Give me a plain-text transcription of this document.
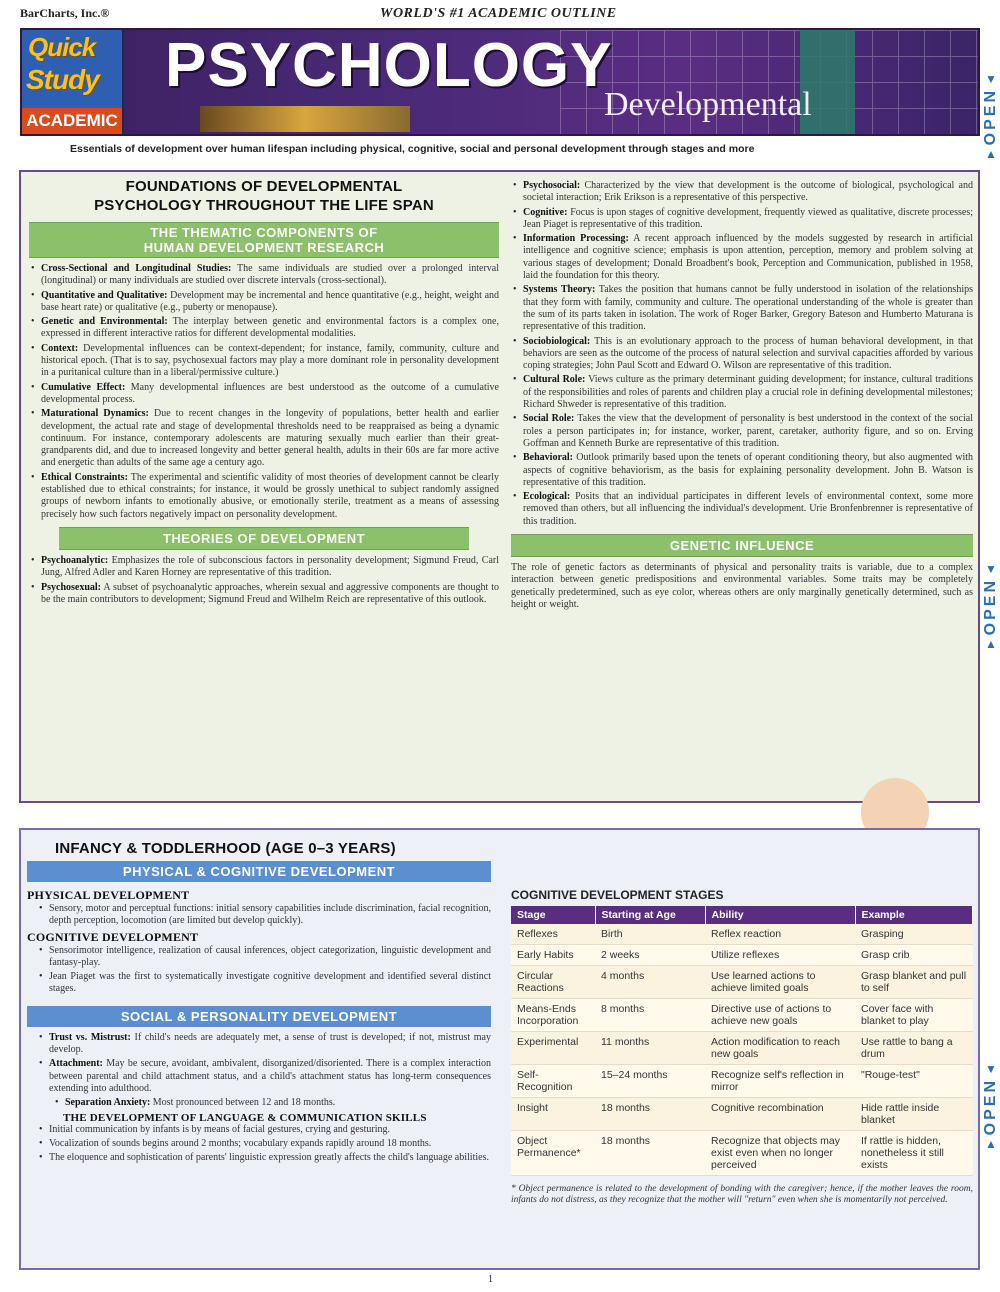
BarCharts, Inc.®	WORLD'S #1 ACADEMIC OUTLINE
Quick
Study
ACADEMIC
PSYCHOLOGY
Developmental
Essentials of development over human lifespan including physical, cognitive, social and personal development through stages and more
▼
OPEN
▲
▼
OPEN
▲
▼
OPEN
▲
FOUNDATIONS OF DEVELOPMENTAL
PSYCHOLOGY THROUGHOUT THE LIFE SPAN
THE THEMATIC COMPONENTS OF
HUMAN DEVELOPMENT RESEARCH
• Cross-Sectional and Longitudinal Studies: The same individuals are studied over a prolonged interval (longitudinal) or many individuals are studied over discrete intervals (cross-sectional).
• Quantitative and Qualitative: Development may be incremental and hence quantitative (e.g., height, weight and base heart rate) or qualitative (e.g., puberty or menopause).
• Genetic and Environmental: The interplay between genetic and environmental factors is a complex one, expressed in different interactive ratios for different developmental modalities.
• Context: Developmental influences can be context-dependent; for instance, family, community, culture and historical epoch. (That is to say, psychosexual factors may play a more dominant role in personality development in a puritanical culture than in a liberal/permissive culture.)
• Cumulative Effect: Many developmental influences are best understood as the outcome of a cumulative developmental process.
• Maturational Dynamics: Due to recent changes in the longevity of populations, better health and earlier development, the actual rate and stage of developmental thresholds need to be reappraised as being a dynamic continuum. For instance, contemporary adolescents are maturing sexually much earlier than their great-grandparents did, and due to increased longevity and better general health, adults in their 60s are far more active and energetic than adults of the same age a century ago.
• Ethical Constraints: The experimental and scientific validity of most theories of development cannot be clearly established due to ethical constraints; for instance, it would be grossly unethical to subject randomly assigned groups of newborn infants to emotionally abusive, or emotionally sterile, treatment as a means of assessing precisely how such factors negatively impact on personality development.
THEORIES OF DEVELOPMENT
• Psychoanalytic: Emphasizes the role of subconscious factors in personality development; Sigmund Freud, Carl Jung, Alfred Adler and Karen Horney are representative of this tradition.
• Psychosexual: A subset of psychoanalytic approaches, wherein sexual and aggressive components are thought to be the main contributors to development; Sigmund Freud and Wilhelm Reich are representative of this outlook.
• Psychosocial: Characterized by the view that development is the outcome of biological, psychological and societal interaction; Erik Erikson is a representative of this perspective.
• Cognitive: Focus is upon stages of cognitive development, frequently viewed as qualitative, discrete processes; Jean Piaget is representative of this tradition.
• Information Processing: A recent approach influenced by the models suggested by research in artificial intelligence and cognitive science; emphasis is upon attention, perception, memory and problem solving at various stages of development; Donald Broadbent's book, Perception and Communication, published in 1958, laid the foundation for this theory.
• Systems Theory: Takes the position that humans cannot be fully understood in isolation of the relationships that they form with family, community and culture. The operational understanding of the whole is greater than the sum of its parts taken in isolation. The work of Roger Barker, Gregory Bateson and Humberto Maturana is representative of this tradition.
• Sociobiological: This is an evolutionary approach to the process of human behavioral development, in that behaviors are seen as the outcome of the process of natural selection and survival capacities afforded by various coping strategies; John Paul Scott and Edward O. Wilson are representative of this tradition.
• Cultural Role: Views culture as the primary determinant guiding development; for instance, cultural traditions of the responsibilities and roles of parents and children play a crucial role in defining developmental milestones; Richard Shweder is representative of this tradition.
• Social Role: Takes the view that the development of personality is best understood in the context of the social roles a person participates in; for instance, worker, parent, caretaker, authority figure, and so on. Erving Goffman and Kenneth Burke are representative of this tradition.
• Behavioral: Outlook primarily based upon the tenets of operant conditioning theory, but also augmented with aspects of cognitive behaviorism, as the basis for explaining personality development. John B. Watson is representative of this tradition.
• Ecological: Posits that an individual participates in different levels of environmental context, some more removed than others, but all influencing the individual's development. Urie Bronfenbrenner is representative of this tradition.
GENETIC INFLUENCE

The role of genetic factors as determinants of physical and personality traits is variable, due to a complex interaction between genetic predispositions and environmental variables. Some traits may be completely genetically predetermined, such as eye color, whereas others are only marginally genetically determined, such as height or weight.

INFANCY & TODDLERHOOD (AGE 0–3 YEARS)
PHYSICAL & COGNITIVE DEVELOPMENT
PHYSICAL DEVELOPMENT
• Sensory, motor and perceptual functions: initial sensory capabilities include discrimination, facial recognition, depth perception, locomotion (are limited but develop quickly).
COGNITIVE DEVELOPMENT
• Sensorimotor intelligence, realization of causal inferences, object categorization, linguistic development and fantasy-play.
• Jean Piaget was the first to systematically investigate cognitive development and identified several distinct stages.
SOCIAL & PERSONALITY DEVELOPMENT
• Trust vs. Mistrust: If child's needs are adequately met, a sense of trust is developed; if not, mistrust may develop.
• Attachment: May be secure, avoidant, ambivalent, disorganized/disoriented. There is a complex interaction between parental and child attachment status, and a child's attachment status has long-term consequences extending into adulthood.
• Separation Anxiety: Most pronounced between 12 and 18 months.
THE DEVELOPMENT OF LANGUAGE & COMMUNICATION SKILLS
• Initial communication by infants is by means of facial gestures, crying and gesturing.
• Vocalization of sounds begins around 2 months; vocabulary expands rapidly around 18 months.
• The eloquence and sophistication of parents' linguistic expression greatly affects the child's language abilities.
COGNITIVE DEVELOPMENT STAGES
Stage	Starting at Age	Ability	Example
Reflexes	Birth	Reflex reaction	Grasping
Early Habits	2 weeks	Utilize reflexes	Grasp crib
Circular Reactions	4 months	Use learned actions to achieve limited goals	Grasp blanket and pull to self
Means-Ends Incorporation	8 months	Directive use of actions to achieve new goals	Cover face with blanket to play
Experimental	11 months	Action modification to reach new goals	Use rattle to bang a drum
Self-Recognition	15–24 months	Recognize self's reflection in mirror	"Rouge-test"
Insight	18 months	Cognitive recombination	Hide rattle inside blanket
Object Permanence*	18 months	Recognize that objects may exist even when no longer perceived	If rattle is hidden, nonetheless it still exists

* Object permanence is related to the development of bonding with the caregiver; hence, if the mother leaves the room, infants do not distress, as they recognize that the mother will "return" even when she is momentarily not perceived.

1
